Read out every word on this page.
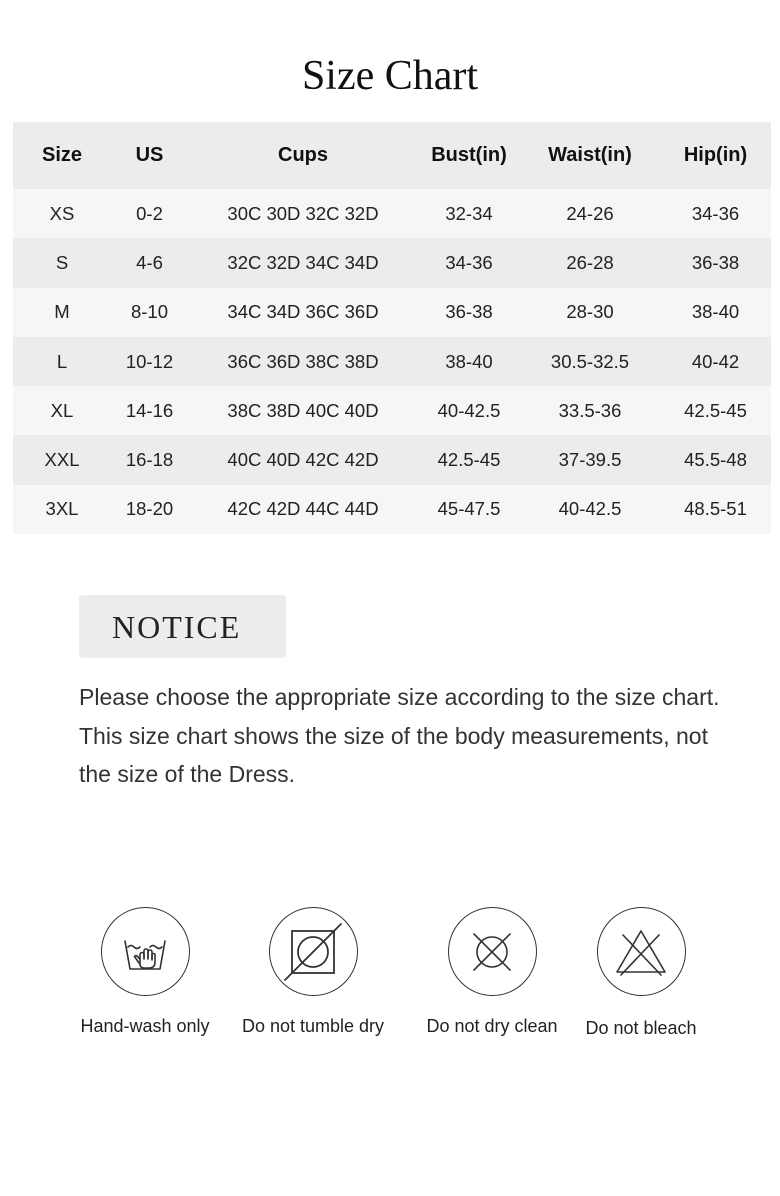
Size Chart
Size	US	Cups	Bust(in)	Waist(in)	Hip(in)
XS	0-2	30C 30D 32C 32D	32-34	24-26	34-36
S	4-6	32C 32D 34C 34D	34-36	26-28	36-38
M	8-10	34C 34D 36C 36D	36-38	28-30	38-40
L	10-12	36C 36D 38C 38D	38-40	30.5-32.5	40-42
XL	14-16	38C 38D 40C 40D	40-42.5	33.5-36	42.5-45
XXL	16-18	40C 40D 42C 42D	42.5-45	37-39.5	45.5-48
3XL	18-20	42C 42D 44C 44D	45-47.5	40-42.5	48.5-51
NOTICE

Please choose the appropriate size according to the size chart.

This size chart shows the size of the body measurements, not the size of the Dress.

Hand-wash only	Do not tumble dry	Do not dry clean	Do not bleach
